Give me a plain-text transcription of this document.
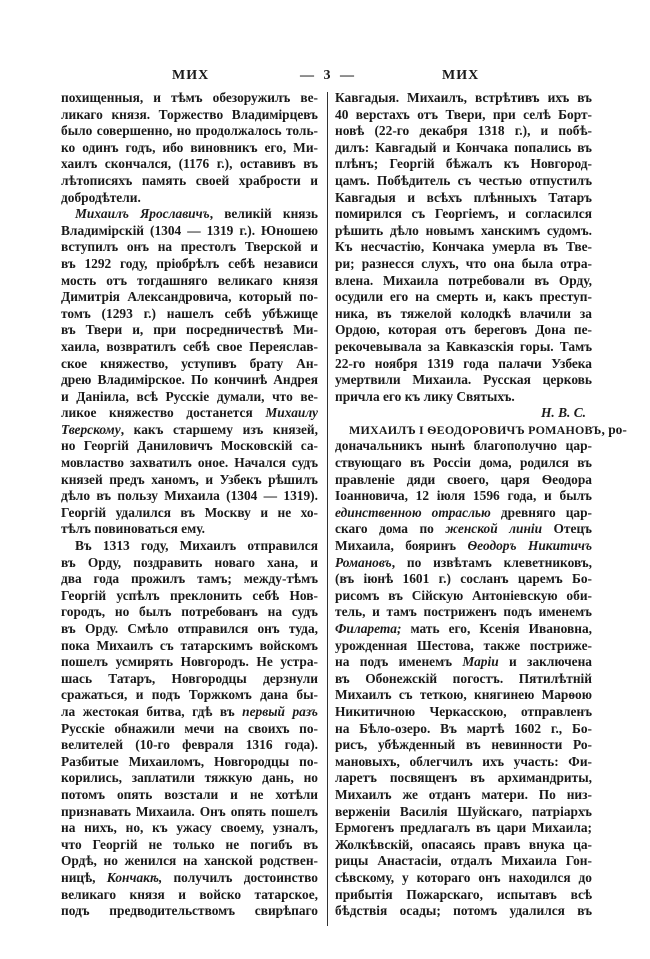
МИХ	— 3 —	МИХ
похищенныя, и тѣмъ обезоружилъ ве-
ликаго князя. Торжество Владимірцевъ
было совершенно, но продолжалось толь-
ко одинъ годъ, ибо виновникъ его, Ми-
хаилъ скончался, (1176 г.), оставивъ въ
лѣтописяхъ память своей храбрости и
добродѣтели.
Михаилъ Ярославичъ, великій князь
Владимірскій (1304 — 1319 г.). Юношею
вступилъ онъ на престолъ Тверской и
въ 1292 году, пріобрѣлъ себѣ независи
мость отъ тогдашняго великаго князя
Димитрія Александровича, который по-
томъ (1293 г.) нашелъ себѣ убѣжище
въ Твери и, при посредничествѣ Ми-
хаила, возвратилъ себѣ свое Переяслав-
ское княжество, уступивъ брату Ан-
дрею Владимірское. По кончинѣ Андрея
и Даніила, всѣ Русскіе думали, что ве-
ликое княжество достанется Михаилу
Тверскому, какъ старшему изъ князей,
но Георгій Даниловичъ Московскій са-
мовластво захватилъ оное. Начался судъ
князей предъ ханомъ, и Узбекъ рѣшилъ
дѣло въ пользу Михаила (1304 — 1319).
Георгій удалился въ Москву и не хо-
тѣлъ повиноваться ему.
Въ 1313 году, Михаилъ отправился
въ Орду, поздравить новаго хана, и
два года прожилъ тамъ; между-тѣмъ
Георгій успѣлъ преклонить себѣ Нов-
городъ, но былъ потребованъ на судъ
въ Орду. Смѣло отправился онъ туда,
пока Михаилъ съ татарскимъ войскомъ
пошелъ усмирять Новгородъ. Не устра-
шась Татаръ, Новгородцы дерзнули
сражаться, и подъ Торжкомъ дана бы-
ла жестокая битва, гдѣ въ первый разъ
Русскіе обнажили мечи на своихъ по-
велителей (10-го февраля 1316 года).
Разбитые Михаиломъ, Новгородцы по-
корились, заплатили тяжкую дань, но
потомъ опять возстали и не хотѣли
признавать Михаила. Онъ опять пошелъ
на нихъ, но, къ ужасу своему, узналъ,
что Георгій не только не погибъ въ
Ордѣ, но женился на ханской родствен-
ницѣ, Кончакѣ, получилъ достоинство
великаго князя и войско татарское,
подъ предводительствомъ свирѣпаго
Кавгадыя. Михаилъ, встрѣтивъ ихъ въ
40 верстахъ отъ Твери, при селѣ Борт-
новѣ (22-го декабря 1318 г.), и побѣ-
дилъ: Кавгадый и Кончака попались въ
плѣнъ; Георгій бѣжалъ къ Новгород-
цамъ. Побѣдитель съ честью отпустилъ
Кавгадыя и всѣхъ плѣнныхъ Татаръ
помирился съ Георгіемъ, и согласился
рѣшить дѣло новымъ ханскимъ судомъ.
Къ несчастію, Кончака умерла въ Тве-
ри; разнесся слухъ, что она была отра-
влена. Михаила потребовали въ Орду,
осудили его на смерть и, какъ преступ-
ника, въ тяжелой колодкѣ влачили за
Ордою, которая отъ береговъ Дона пе-
рекочевывала за Кавказскія горы. Тамъ
22-го ноября 1319 года палачи Узбека
умертвили Михаила. Русская церковь
причла его къ лику Святыхъ.
Н. В. С.
МИХАИЛЪ I ѲЕОДОРОВИЧЪ РОМАНОВЪ, ро-
доначальникъ нынѣ благополучно цар-
ствующаго въ Россіи дома, родился въ
правленіе дяди своего, царя Ѳеодора
Іоанновича, 12 іюля 1596 года, и былъ
единственною отраслью древняго цар-
скаго дома по женской линіи Отецъ
Михаила, бояринъ Ѳеодоръ Никитичъ
Романовъ, по извѣтамъ клеветниковъ,
(въ іюнѣ 1601 г.) сосланъ царемъ Бо-
рисомъ въ Сійскую Антоніевскую оби-
тель, и тамъ постриженъ подъ именемъ
Филарета; мать его, Ксенія Ивановна,
урожденная Шестова, также постриже-
на подъ именемъ Маріи и заключена
въ Обонежскій погостъ. Пятилѣтній
Михаилъ съ теткою, княгинею Марѳою
Никитичною Черкасскою, отправленъ
на Бѣло-озеро. Въ мартѣ 1602 г., Бо-
рисъ, убѣжденный въ невинности Ро-
мановыхъ, облегчилъ ихъ участь: Фи-
ларетъ посвященъ въ архимандриты,
Михаилъ же отданъ матери. По низ-
верженіи Василія Шуйскаго, патріархъ
Ермогенъ предлагалъ въ цари Михаила;
Жолкѣвскій, опасаясь правъ внука ца-
рицы Анастасіи, отдалъ Михаила Гон-
сѣвскому, у котораго онъ находился до
прибытія Пожарскаго, испытавъ всѣ
бѣдствія осады; потомъ удалился въ
